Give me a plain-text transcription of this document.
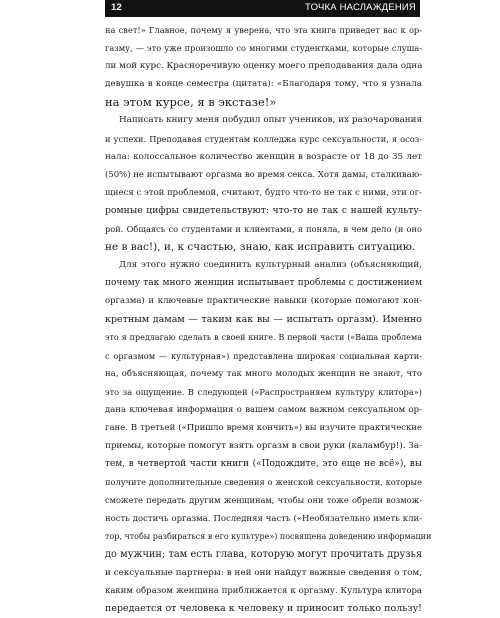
12	ТОЧКА НАСЛАЖДЕНИЯ
на свет!» Главное, почему я уверена, что эта книга приведет вас к ор-
газму, — это уже произошло со многими студентками, которые слуша-
ли мой курс. Красноречивую оценку моего преподавания дала одна
девушка в конце семестра (цитата): «Благодаря тому, что я узнала
на этом курсе, я в экстазе!»
Написать книгу меня побудил опыт учеников, их разочарования
и успехи. Преподавая студентам колледжа курс сексуальности, я осоз-
нала: колоссальное количество женщин в возрасте от 18 до 35 лет
(50%) не испытывают оргазма во время секса. Хотя дамы, сталкиваю-
щиеся с этой проблемой, считают, будто что-то не так с ними, эти ог-
ромные цифры свидетельствуют: что-то не так с нашей культу-
рой. Общаясь со студентами и клиентами, я поняла, в чем дело (и оно
не в вас!), и, к счастью, знаю, как исправить ситуацию.
Для этого нужно соединить культурный анализ (объясняющий,
почему так много женщин испытывает проблемы с достижением
оргазма) и ключевые практические навыки (которые помогают кон-
кретным дамам — таким как вы — испытать оргазм). Именно
это я предлагаю сделать в своей книге. В первой части («Ваша проблема
с оргазмом — культурная») представлена широкая социальная карти-
на, объясняющая, почему так много молодых женщин не знают, что
это за ощущение. В следующей («Распространяем культуру клитора»)
дана ключевая информация о вашем самом важном сексуальном ор-
гане. В третьей («Пришло время кончить») вы изучите практические
приемы, которые помогут взять оргазм в свои руки (каламбур!). За-
тем, в четвертой части книги («Подождите, это еще не всё»), вы
получите дополнительные сведения о женской сексуальности, которые
сможете передать другим женщинам, чтобы они тоже обрели возмож-
ность достичь оргазма. Последняя часть («Необязательно иметь кли-
тор, чтобы разбираться в его культуре») посвящена доведению информации
до мужчин; там есть глава, которую могут прочитать друзья
и сексуальные партнеры: в ней они найдут важные сведения о том,
каким образом женщина приближается к оргазму. Культура клитора
передается от человека к человеку и приносит только пользу!
